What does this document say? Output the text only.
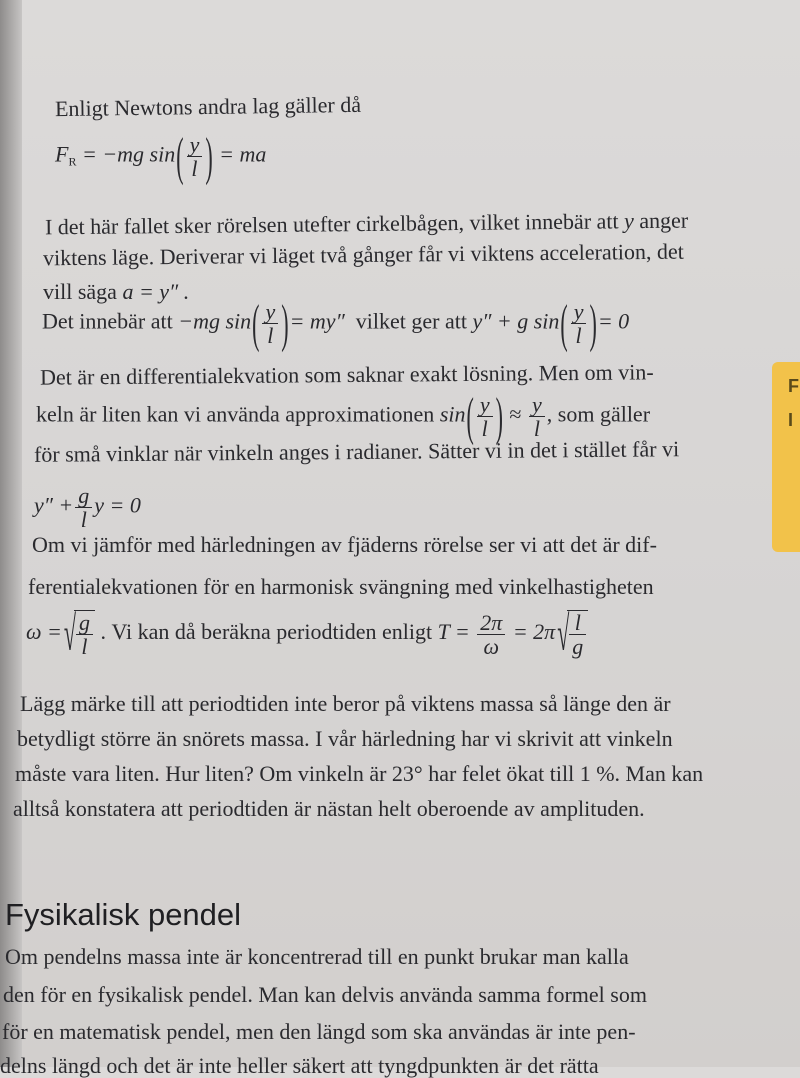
F
I
Enligt Newtons andra lag gäller då
$F_R = -mg$ $\sin( \frac{y}{l}$ ) = ma
I det här fallet sker rörelsen utefter cirkelbågen, vilket innebär att y anger
viktens läge. Deriverar vi läget två gånger får vi viktens acceleration, det
vill säga a = y″ .
Det innebär att −mg $\sin( \frac{y}{l}$ )= my″ vilket ger att y″ + g $\sin( \frac{y}{l}$ )= 0
Det är en differentialekvation som saknar exakt lösning. Men om vin-
keln är liten kan vi använda approximationen $\sin( \frac{y}{l}$ ) ≈ $\frac{y}{l}$ , som gäller
för små vinklar när vinkeln anges i radianer. Sätter vi in det i stället får vi
$y'' + \frac{g}{l}$ y = 0
Om vi jämför med härledningen av fjäderns rörelse ser vi att det är dif-
ferentialekvationen för en harmonisk svängning med vinkelhastigheten
ω =√ $\frac{g}{l}$ . Vi kan då beräkna periodtiden enligt $T = \frac{2\pi}{\omega} = 2\pi√ \frac{l}{g}$
Lägg märke till att periodtiden inte beror på viktens massa så länge den är
betydligt större än snörets massa. I vår härledning har vi skrivit att vinkeln
måste vara liten. Hur liten? Om vinkeln är 23° har felet ökat till 1 %. Man kan
alltså konstatera att periodtiden är nästan helt oberoende av amplituden.
Fysikalisk pendel
Om pendelns massa inte är koncentrerad till en punkt brukar man kalla
den för en fysikalisk pendel. Man kan delvis använda samma formel som
för en matematisk pendel, men den längd som ska användas är inte pen-
delns längd och det är inte heller säkert att tyngdpunkten är det rätta
